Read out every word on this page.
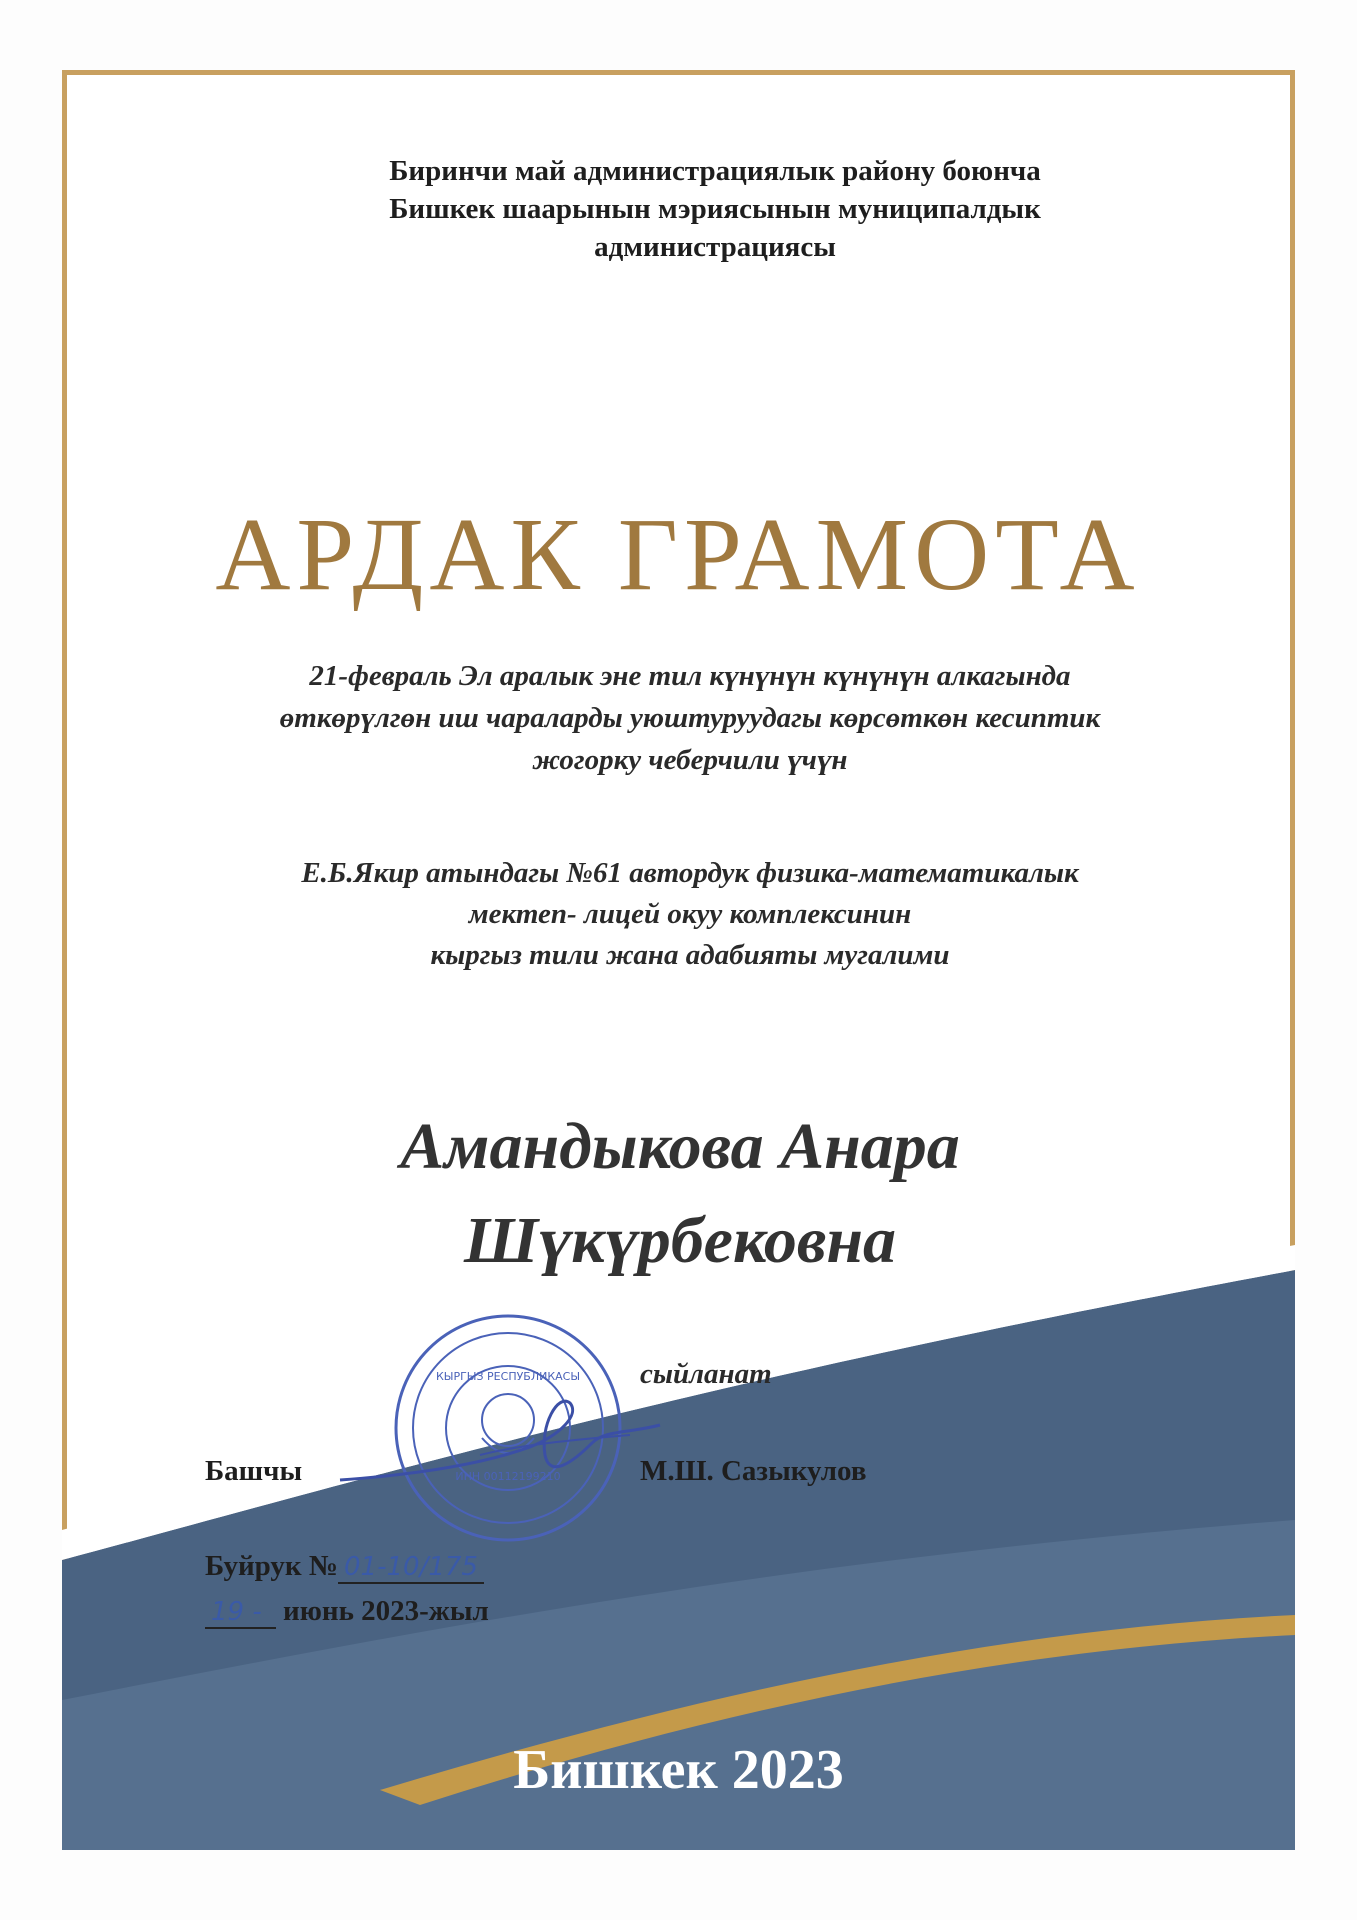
Биринчи май администрациялык району боюнча
Бишкек шаарынын мэриясынын муниципалдык
администрациясы
АРДАК ГРАМОТА
21-февраль Эл аралык эне тил күнүнүн күнүнүн алкагында
өткөрүлгөн иш чараларды уюштуруудагы көрсөткөн кесиптик
жогорку чеберчили үчүн
Е.Б.Якир атындагы №61 автордук физика-математикалык
мектеп- лицей окуу комплексинин
кыргыз тили жана адабияты мугалими
Амандыкова Анара
Шүкүрбековна
КЫРГЫЗ РЕСПУБЛИКАСЫ
ИНН 00112199210
сыйланат
Башчы	М.Ш. Сазыкулов
Буйрук № 01-10/175
19 - июнь 2023-жыл
Бишкек 2023
